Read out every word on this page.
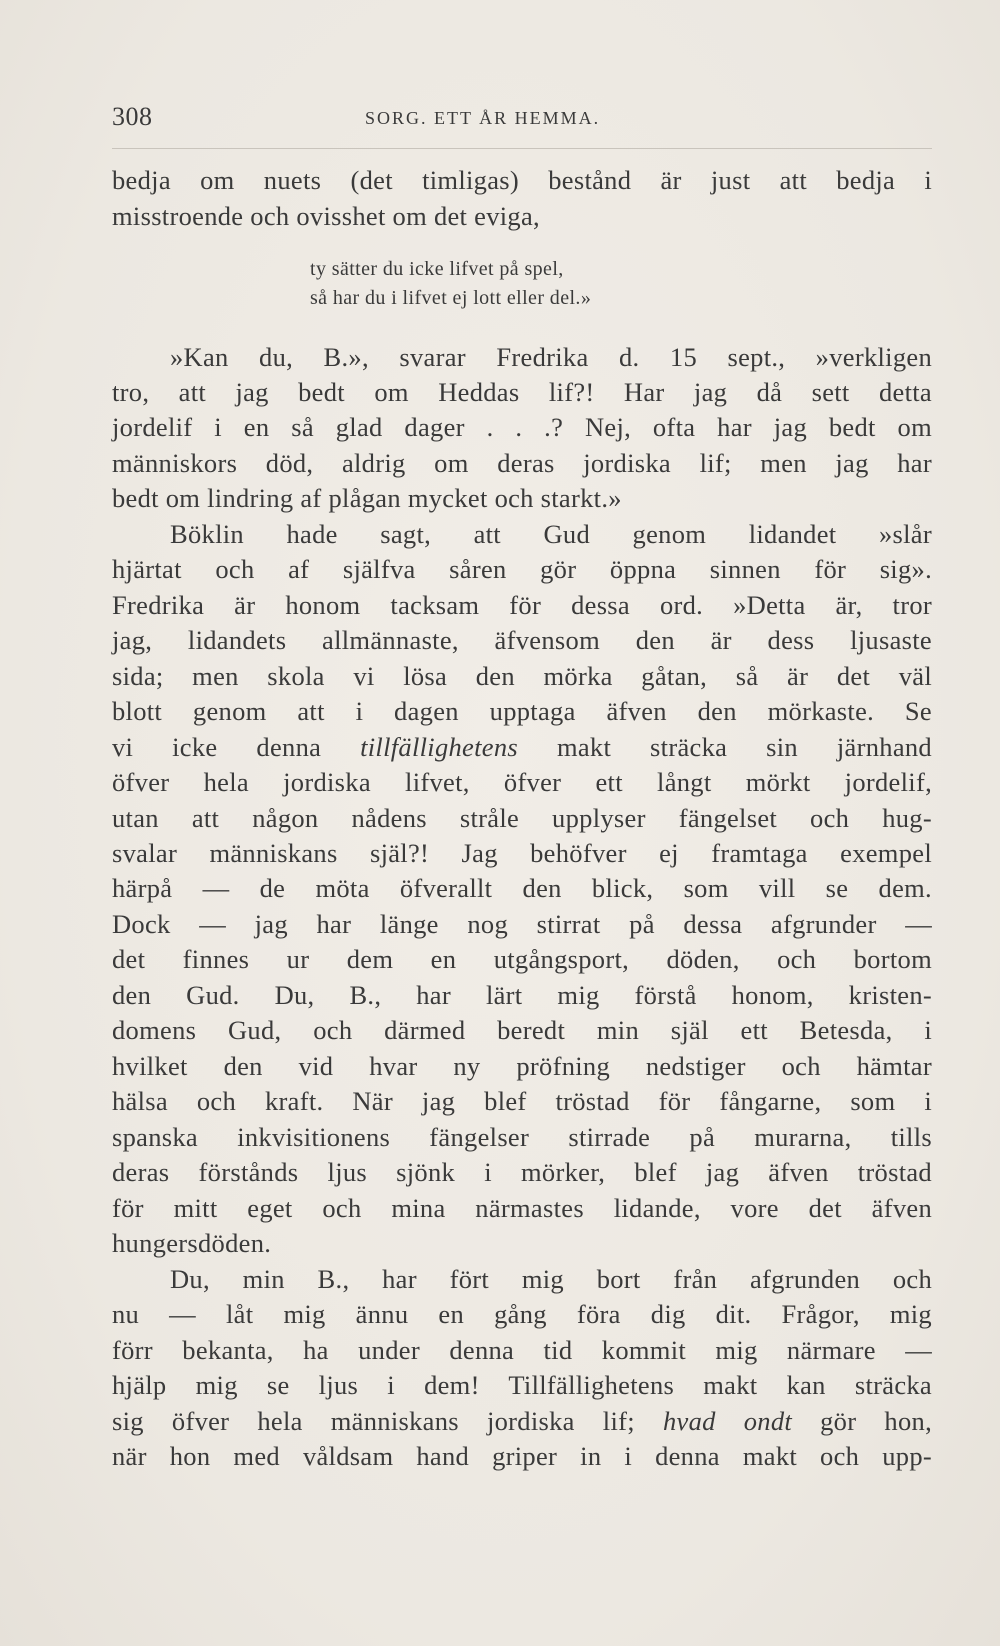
308	SORG. ETT ÅR HEMMA.
bedja om nuets (det timligas) bestånd är just att bedja i
misstroende och ovisshet om det eviga,
ty sätter du icke lifvet på spel,
så har du i lifvet ej lott eller del.»
»Kan du, B.», svarar Fredrika d. 15 sept., »verkligen
tro, att jag bedt om Heddas lif?! Har jag då sett detta
jordelif i en så glad dager . . .? Nej, ofta har jag bedt om
människors död, aldrig om deras jordiska lif; men jag har
bedt om lindring af plågan mycket och starkt.»
Böklin hade sagt, att Gud genom lidandet »slår
hjärtat och af själfva såren gör öppna sinnen för sig».
Fredrika är honom tacksam för dessa ord. »Detta är, tror
jag, lidandets allmännaste, äfvensom den är dess ljusaste
sida; men skola vi lösa den mörka gåtan, så är det väl
blott genom att i dagen upptaga äfven den mörkaste. Se
vi icke denna tillfällighetens makt sträcka sin järnhand
öfver hela jordiska lifvet, öfver ett långt mörkt jordelif,
utan att någon nådens stråle upplyser fängelset och hug-
svalar människans själ?! Jag behöfver ej framtaga exempel
härpå — de möta öfverallt den blick, som vill se dem.
Dock — jag har länge nog stirrat på dessa afgrunder —
det finnes ur dem en utgångsport, döden, och bortom
den Gud. Du, B., har lärt mig förstå honom, kristen-
domens Gud, och därmed beredt min själ ett Betesda, i
hvilket den vid hvar ny pröfning nedstiger och hämtar
hälsa och kraft. När jag blef tröstad för fångarne, som i
spanska inkvisitionens fängelser stirrade på murarna, tills
deras förstånds ljus sjönk i mörker, blef jag äfven tröstad
för mitt eget och mina närmastes lidande, vore det äfven
hungersdöden.
Du, min B., har fört mig bort från afgrunden och
nu — låt mig ännu en gång föra dig dit. Frågor, mig
förr bekanta, ha under denna tid kommit mig närmare —
hjälp mig se ljus i dem! Tillfällighetens makt kan sträcka
sig öfver hela människans jordiska lif; hvad ondt gör hon,
när hon med våldsam hand griper in i denna makt och upp-
